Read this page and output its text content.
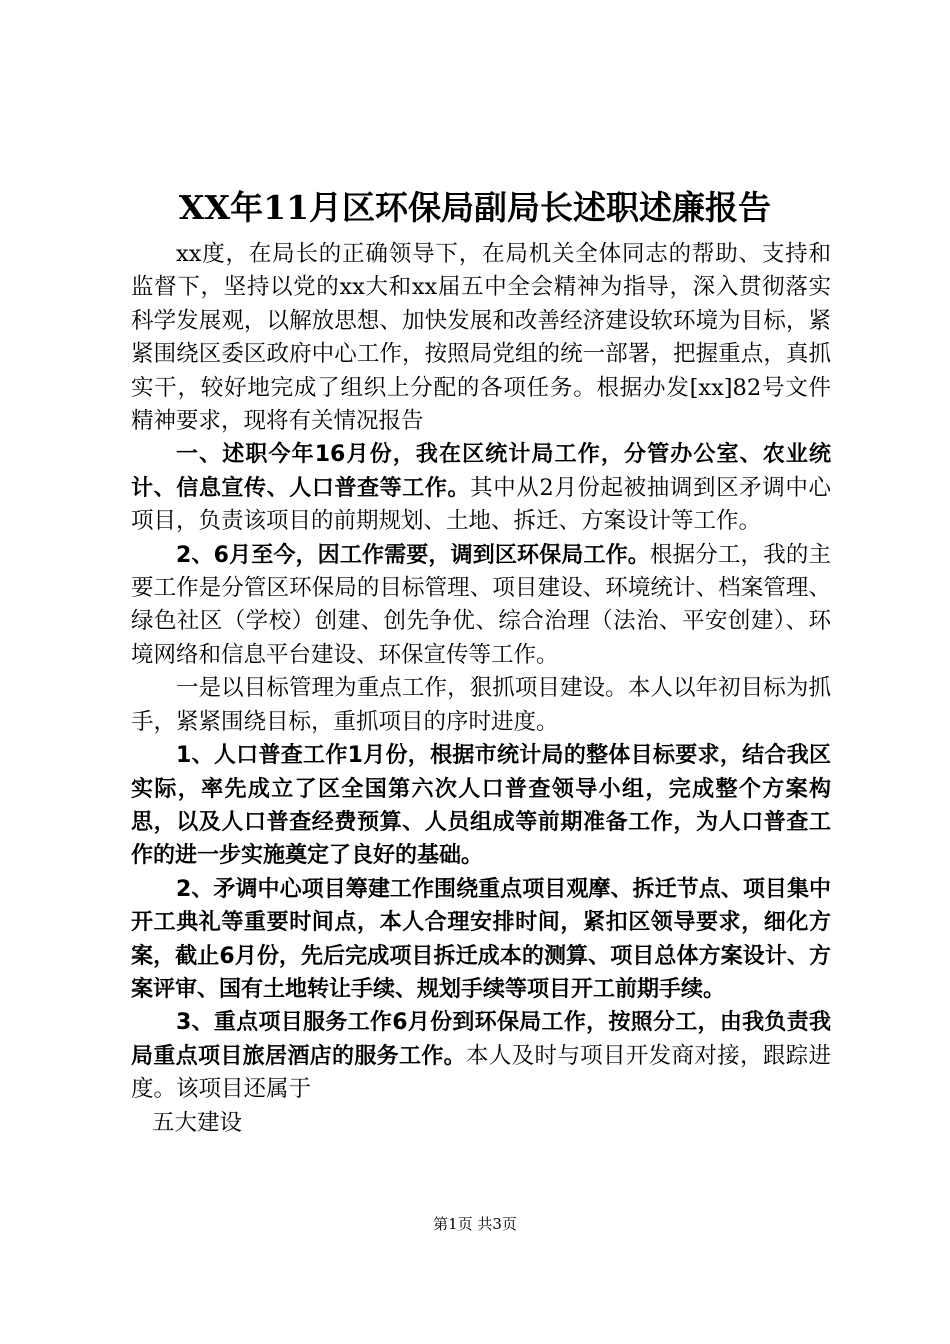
XX年11月区环保局副局长述职述廉报告

xx度，在局长的正确领导下，在局机关全体同志的帮助、支持和监督下，坚持以党的xx大和xx届五中全会精神为指导，深入贯彻落实科学发展观，以解放思想、加快发展和改善经济建设软环境为目标，紧紧围绕区委区政府中心工作，按照局党组的统一部署，把握重点，真抓实干，较好地完成了组织上分配的各项任务。根据办发[xx]82号文件精神要求，现将有关情况报告

一、述职今年16月份，我在区统计局工作，分管办公室、农业统计、信息宣传、人口普查等工作。其中从2月份起被抽调到区矛调中心项目，负责该项目的前期规划、土地、拆迁、方案设计等工作。

2、6月至今，因工作需要，调到区环保局工作。根据分工，我的主要工作是分管区环保局的目标管理、项目建设、环境统计、档案管理、绿色社区（学校）创建、创先争优、综合治理（法治、平安创建）、环境网络和信息平台建设、环保宣传等工作。

一是以目标管理为重点工作，狠抓项目建设。本人以年初目标为抓手，紧紧围绕目标，重抓项目的序时进度。

1、人口普查工作1月份，根据市统计局的整体目标要求，结合我区实际，率先成立了区全国第六次人口普查领导小组，完成整个方案构思，以及人口普查经费预算、人员组成等前期准备工作，为人口普查工作的进一步实施奠定了良好的基础。

2、矛调中心项目筹建工作围绕重点项目观摩、拆迁节点、项目集中开工典礼等重要时间点，本人合理安排时间，紧扣区领导要求，细化方案，截止6月份，先后完成项目拆迁成本的测算、项目总体方案设计、方案评审、国有土地转让手续、规划手续等项目开工前期手续。

3、重点项目服务工作6月份到环保局工作，按照分工，由我负责我局重点项目旅居酒店的服务工作。本人及时与项目开发商对接，跟踪进度。该项目还属于

五大建设

第1页 共3页
